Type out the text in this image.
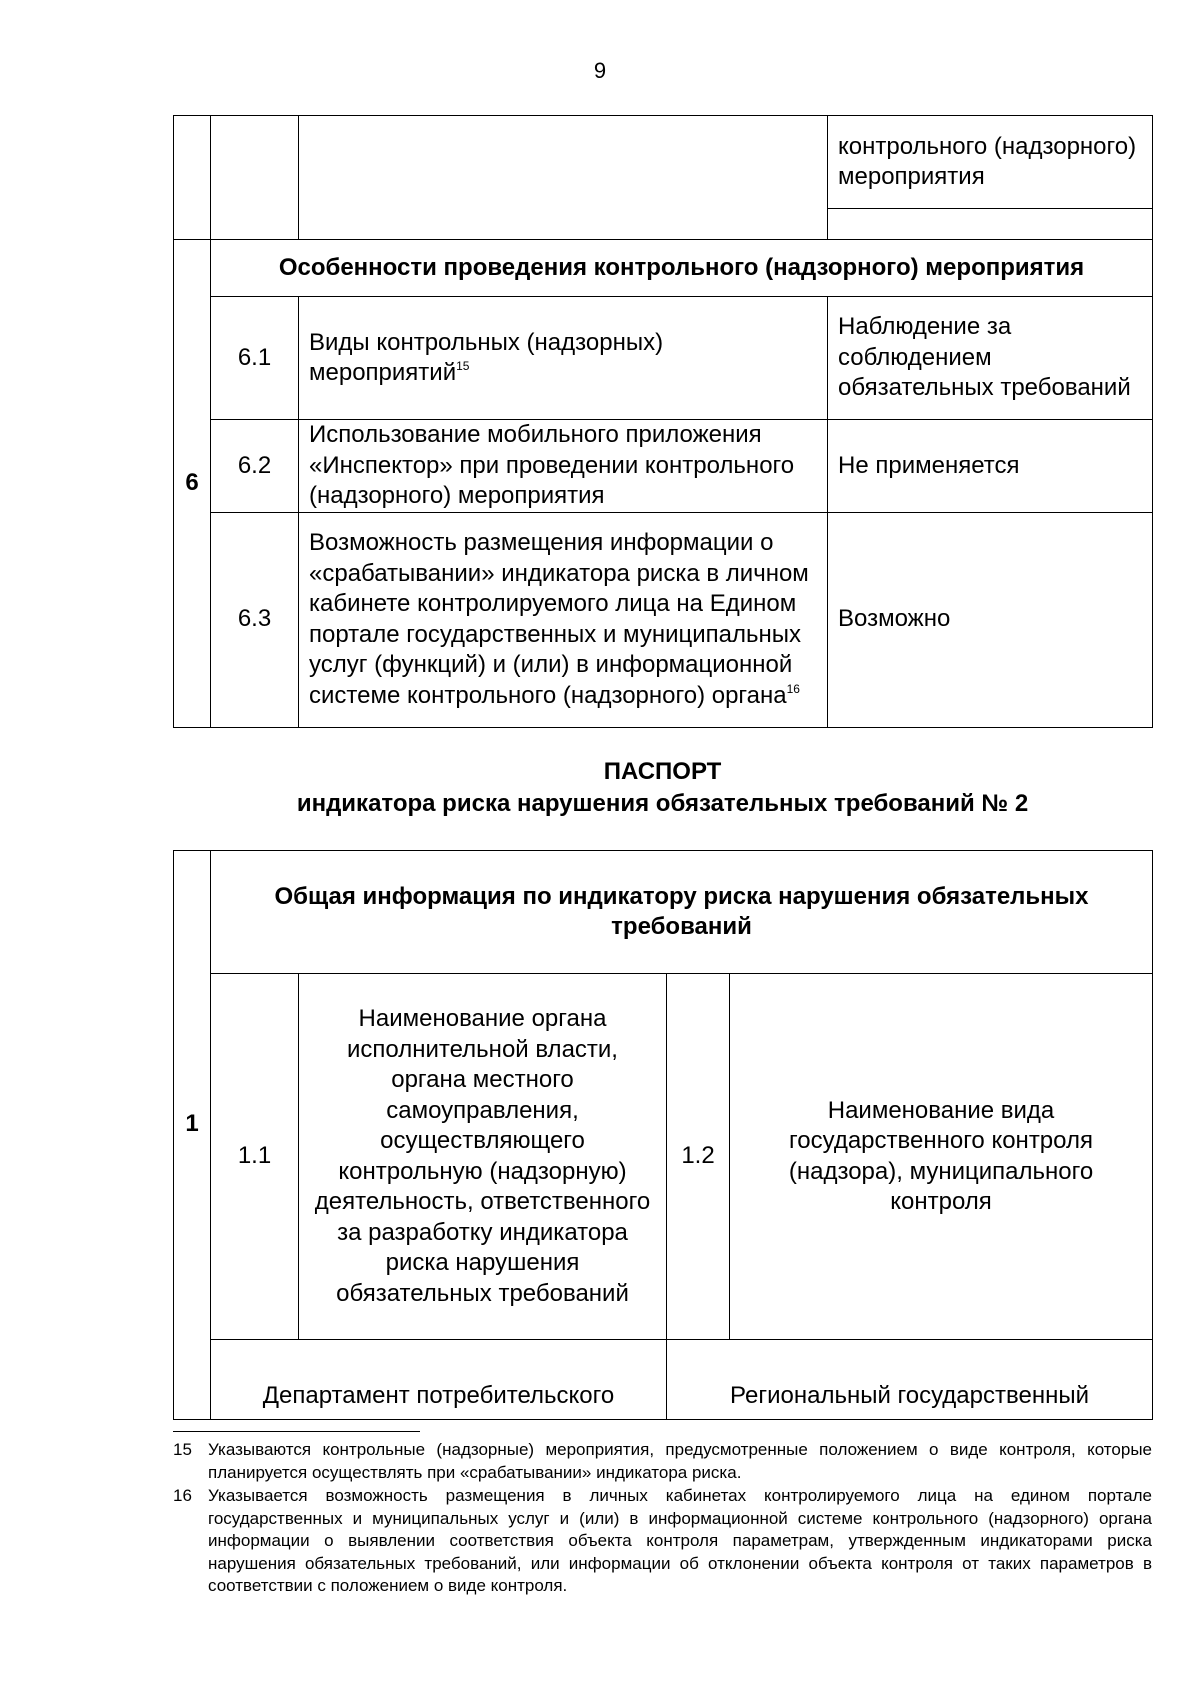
9
			контрольного (надзорного) мероприятия

6	Особенности проведения контрольного (надзорного) мероприятия		
	6.1	Виды контрольных (надзорных) мероприятий$^{15}$	Наблюдение за соблюдением обязательных требований
	6.2	Использование мобильного приложения «Инспектор» при проведении контрольного (надзорного) мероприятия	Не применяется
	6.3	Возможность размещения информации о «срабатывании» индикатора риска в личном кабинете контролируемого лица на Едином портале государственных и муниципальных услуг (функций) и (или) в информационной системе контрольного (надзорного) органа$^{16}$	Возможно
ПАСПОРТ
индикатора риска нарушения обязательных требований № 2
1	Общая информация по индикатору риска нарушения обязательных требований			
	1.1	Наименование органа исполнительной власти, органа местного самоуправления, осуществляющего контрольную (надзорную) деятельность, ответственного за разработку индикатора риска нарушения обязательных требований	1.2	Наименование вида государственного контроля (надзора), муниципального контроля
	Департамент потребительского		Региональный государственный	
15 Указываются контрольные (надзорные) мероприятия, предусмотренные положением о виде контроля, которые планируется осуществлять при «срабатывании» индикатора риска.
16 Указывается возможность размещения в личных кабинетах контролируемого лица на едином портале государственных и муниципальных услуг и (или) в информационной системе контрольного (надзорного) органа информации о выявлении соответствия объекта контроля параметрам, утвержденным индикаторами риска нарушения обязательных требований, или информации об отклонении объекта контроля от таких параметров в соответствии с положением о виде контроля.
